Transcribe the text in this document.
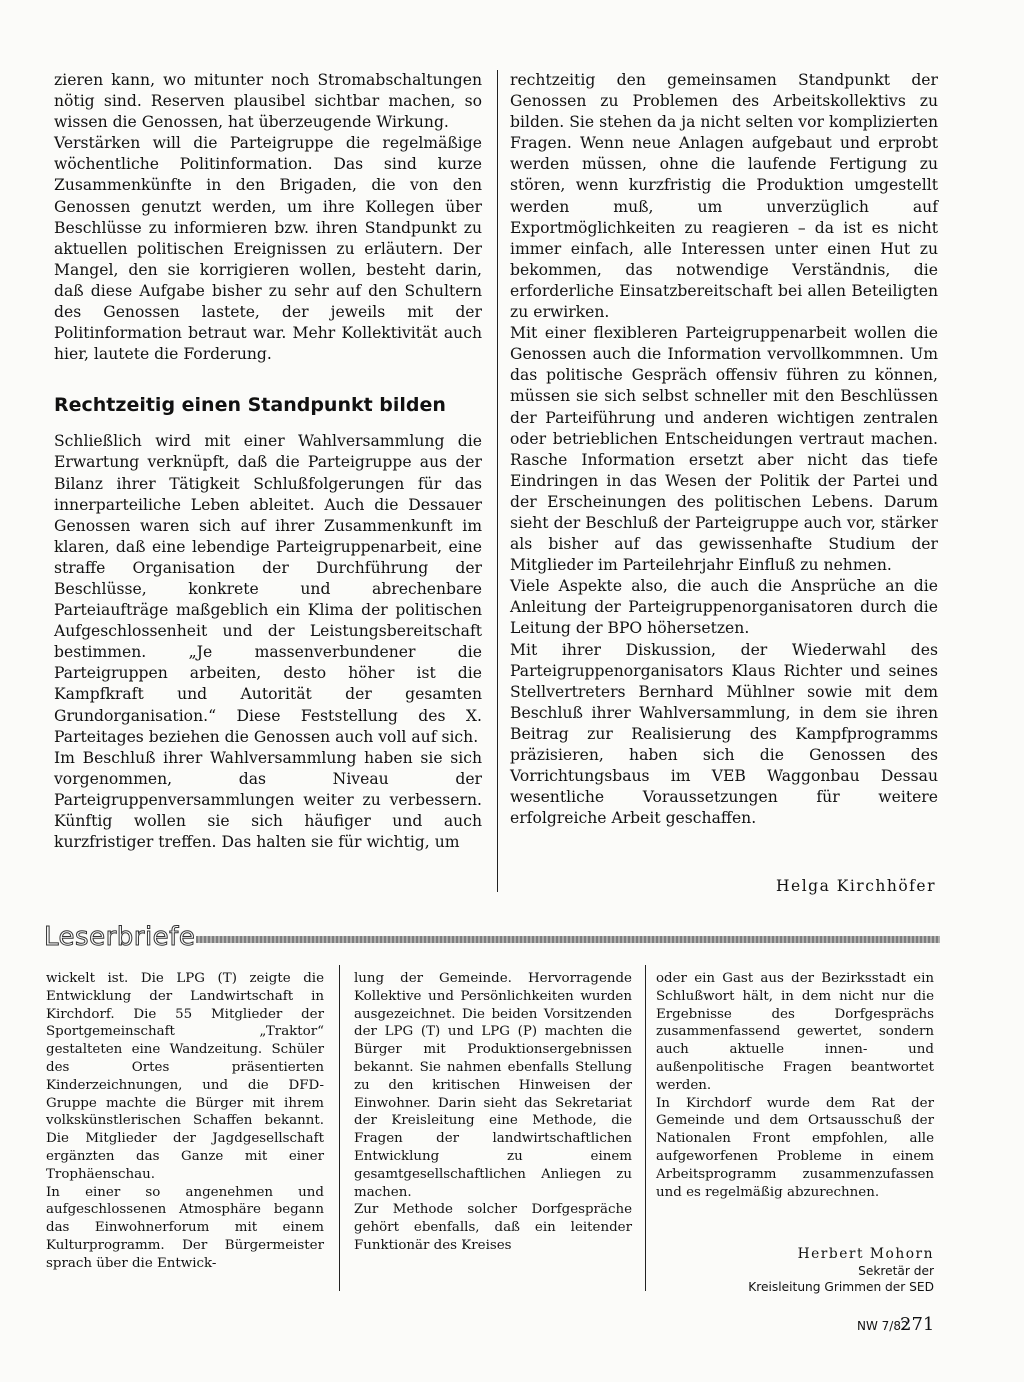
zieren kann, wo mitunter noch Stromabschaltungen nötig sind. Reserven plausibel sichtbar machen, so wissen die Genossen, hat überzeugende Wirkung.

Verstärken will die Parteigruppe die regelmäßige wöchentliche Politinformation. Das sind kurze Zusammenkünfte in den Brigaden, die von den Genossen genutzt werden, um ihre Kollegen über Beschlüsse zu informieren bzw. ihren Standpunkt zu aktuellen politischen Ereignissen zu erläutern. Der Mangel, den sie korrigieren wollen, besteht darin, daß diese Aufgabe bisher zu sehr auf den Schultern des Genossen lastete, der jeweils mit der Politinformation betraut war. Mehr Kollektivität auch hier, lautete die Forderung.

Rechtzeitig einen Standpunkt bilden

Schließlich wird mit einer Wahlversammlung die Erwartung verknüpft, daß die Parteigruppe aus der Bilanz ihrer Tätigkeit Schlußfolgerungen für das innerparteiliche Leben ableitet. Auch die Dessauer Genossen waren sich auf ihrer Zusammenkunft im klaren, daß eine lebendige Parteigruppenarbeit, eine straffe Organisation der Durchführung der Beschlüsse, konkrete und abrechenbare Parteiaufträge maßgeblich ein Klima der politischen Aufgeschlossenheit und der Leistungsbereitschaft bestimmen. „Je massenverbundener die Parteigruppen arbeiten, desto höher ist die Kampfkraft und Autorität der gesamten Grundorganisation.“ Diese Feststellung des X. Parteitages beziehen die Genossen auch voll auf sich.

Im Beschluß ihrer Wahlversammlung haben sie sich vorgenommen, das Niveau der Parteigruppenversammlungen weiter zu verbessern. Künftig wollen sie sich häufiger und auch kurzfristiger treffen. Das halten sie für wichtig, um

rechtzeitig den gemeinsamen Standpunkt der Genossen zu Problemen des Arbeitskollektivs zu bilden. Sie stehen da ja nicht selten vor komplizierten Fragen. Wenn neue Anlagen aufgebaut und erprobt werden müssen, ohne die laufende Fertigung zu stören, wenn kurzfristig die Produktion umgestellt werden muß, um unverzüglich auf Exportmöglichkeiten zu reagieren – da ist es nicht immer einfach, alle Interessen unter einen Hut zu bekommen, das notwendige Verständnis, die erforderliche Einsatzbereitschaft bei allen Beteiligten zu erwirken.

Mit einer flexibleren Parteigruppenarbeit wollen die Genossen auch die Information vervollkommnen. Um das politische Gespräch offensiv führen zu können, müssen sie sich selbst schneller mit den Beschlüssen der Parteiführung und anderen wichtigen zentralen oder betrieblichen Entscheidungen vertraut machen. Rasche Information ersetzt aber nicht das tiefe Eindringen in das Wesen der Politik der Partei und der Erscheinungen des politischen Lebens. Darum sieht der Beschluß der Parteigruppe auch vor, stärker als bisher auf das gewissenhafte Studium der Mitglieder im Parteilehrjahr Einfluß zu nehmen.

Viele Aspekte also, die auch die Ansprüche an die Anleitung der Parteigruppenorganisatoren durch die Leitung der BPO höhersetzen.

Mit ihrer Diskussion, der Wiederwahl des Parteigruppenorganisators Klaus Richter und seines Stellvertreters Bernhard Mühlner sowie mit dem Beschluß ihrer Wahlversammlung, in dem sie ihren Beitrag zur Realisierung des Kampfprogramms präzisieren, haben sich die Genossen des Vorrichtungsbaus im VEB Waggonbau Dessau wesentliche Voraussetzungen für weitere erfolgreiche Arbeit geschaffen.

Helga Kirchhöfer
Leserbriefe

wickelt ist. Die LPG (T) zeigte die Entwicklung der Landwirtschaft in Kirchdorf. Die 55 Mitglieder der Sportgemeinschaft „Traktor“ gestalteten eine Wandzeitung. Schüler des Ortes präsentierten Kinderzeichnungen, und die DFD-Gruppe machte die Bürger mit ihrem volkskünstlerischen Schaffen bekannt. Die Mitglieder der Jagdgesellschaft ergänzten das Ganze mit einer Trophäenschau.

In einer so angenehmen und aufgeschlossenen Atmosphäre begann das Einwohnerforum mit einem Kulturprogramm. Der Bürgermeister sprach über die Entwick-

lung der Gemeinde. Hervorragende Kollektive und Persönlichkeiten wurden ausgezeichnet. Die beiden Vorsitzenden der LPG (T) und LPG (P) machten die Bürger mit Produktionsergebnissen bekannt. Sie nahmen ebenfalls Stellung zu den kritischen Hinweisen der Einwohner. Darin sieht das Sekretariat der Kreisleitung eine Methode, die Fragen der landwirtschaftlichen Entwicklung zu einem gesamtgesellschaftlichen Anliegen zu machen.

Zur Methode solcher Dorfgespräche gehört ebenfalls, daß ein leitender Funktionär des Kreises

oder ein Gast aus der Bezirksstadt ein Schlußwort hält, in dem nicht nur die Ergebnisse des Dorfgesprächs zusammenfassend gewertet, sondern auch aktuelle innen- und außenpolitische Fragen beantwortet werden.

In Kirchdorf wurde dem Rat der Gemeinde und dem Ortsausschuß der Nationalen Front empfohlen, alle aufgeworfenen Probleme in einem Arbeitsprogramm zusammenzufassen und es regelmäßig abzurechnen.

Herbert Mohorn
Sekretär der
Kreisleitung Grimmen der SED
NW 7/82
271
